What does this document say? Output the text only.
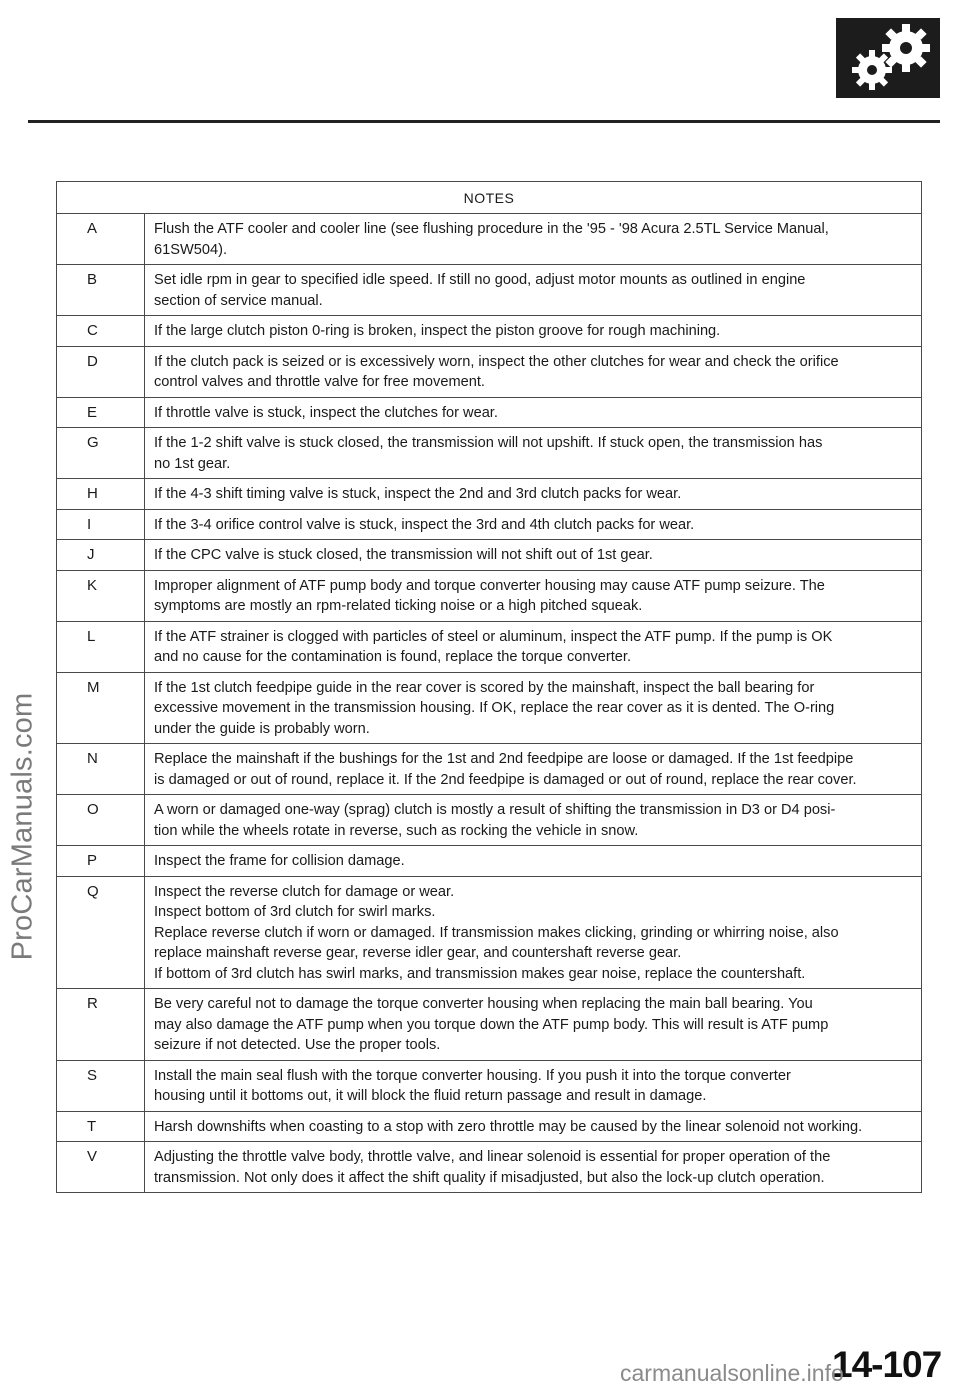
ProCarManuals.com
NOTES
A	Flush the ATF cooler and cooler line (see flushing procedure in the '95 - '98 Acura 2.5TL Service Manual,
61SW504).
B	Set idle rpm in gear to specified idle speed. If still no good, adjust motor mounts as outlined in engine
section of service manual.
C	If the large clutch piston 0-ring is broken, inspect the piston groove for rough machining.
D	If the clutch pack is seized or is excessively worn, inspect the other clutches for wear and check the orifice
control valves and throttle valve for free movement.
E	If throttle valve is stuck, inspect the clutches for wear.
G	If the 1-2 shift valve is stuck closed, the transmission will not upshift. If stuck open, the transmission has
no 1st gear.
H	If the 4-3 shift timing valve is stuck, inspect the 2nd and 3rd clutch packs for wear.
I	If the 3-4 orifice control valve is stuck, inspect the 3rd and 4th clutch packs for wear.
J	If the CPC valve is stuck closed, the transmission will not shift out of 1st gear.
K	Improper alignment of ATF pump body and torque converter housing may cause ATF pump seizure. The
symptoms are mostly an rpm-related ticking noise or a high pitched squeak.
L	If the ATF strainer is clogged with particles of steel or aluminum, inspect the ATF pump. If the pump is OK
and no cause for the contamination is found, replace the torque converter.
M	If the 1st clutch feedpipe guide in the rear cover is scored by the mainshaft, inspect the ball bearing for
excessive movement in the transmission housing. If OK, replace the rear cover as it is dented. The O-ring
under the guide is probably worn.
N	Replace the mainshaft if the bushings for the 1st and 2nd feedpipe are loose or damaged. If the 1st feedpipe
is damaged or out of round, replace it. If the 2nd feedpipe is damaged or out of round, replace the rear cover.
O	A worn or damaged one-way (sprag) clutch is mostly a result of shifting the transmission in D3 or D4 posi-
tion while the wheels rotate in reverse, such as rocking the vehicle in snow.
P	Inspect the frame for collision damage.
Q	Inspect the reverse clutch for damage or wear.
Inspect bottom of 3rd clutch for swirl marks.
Replace reverse clutch if worn or damaged. If transmission makes clicking, grinding or whirring noise, also
replace mainshaft reverse gear, reverse idler gear, and countershaft reverse gear.
If bottom of 3rd clutch has swirl marks, and transmission makes gear noise, replace the countershaft.
R	Be very careful not to damage the torque converter housing when replacing the main ball bearing. You
may also damage the ATF pump when you torque down the ATF pump body. This will result is ATF pump
seizure if not detected. Use the proper tools.
S	Install the main seal flush with the torque converter housing. If you push it into the torque converter
housing until it bottoms out, it will block the fluid return passage and result in damage.
T	Harsh downshifts when coasting to a stop with zero throttle may be caused by the linear solenoid not working.
V	Adjusting the throttle valve body, throttle valve, and linear solenoid is essential for proper operation of the
transmission. Not only does it affect the shift quality if misadjusted, but also the lock-up clutch operation.
14-107
carmanualsonline.info
